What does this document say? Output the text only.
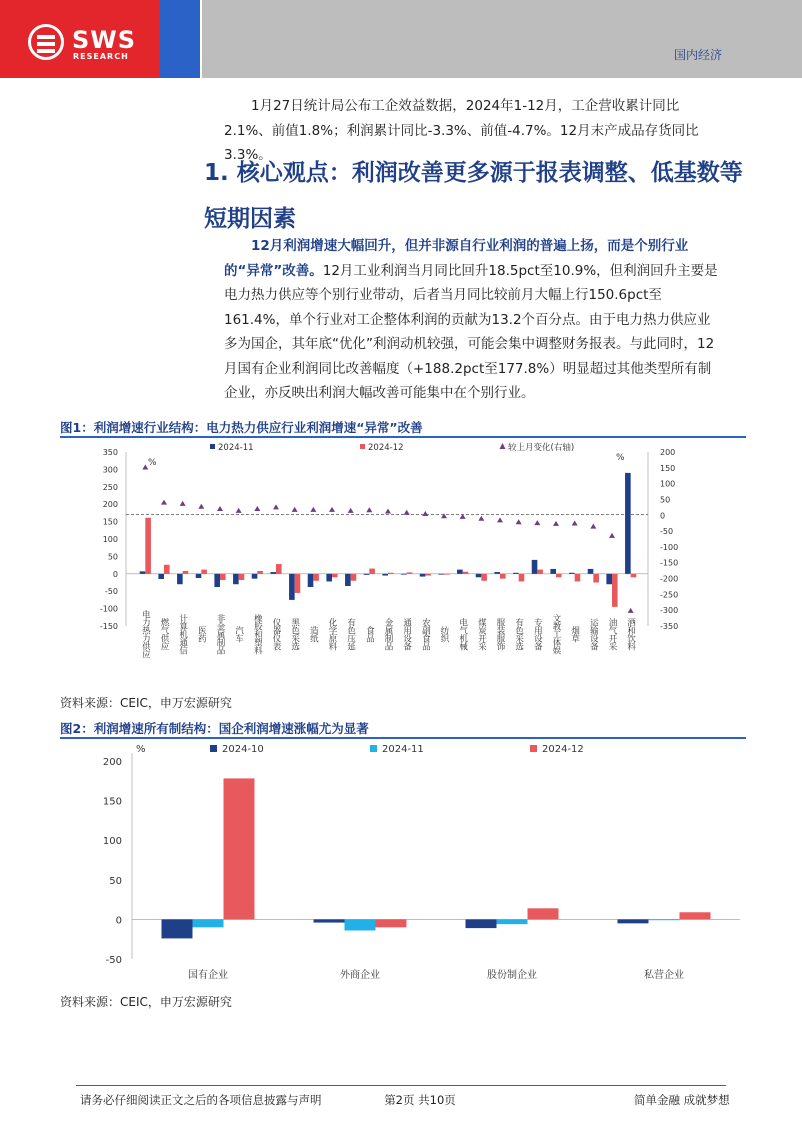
SWS
RESEARCH	国内经济
1月27日统计局公布工企效益数据，2024年1-12月，工企营收累计同比2.1%、前值1.8%；利润累计同比-3.3%、前值-4.7%。12月末产成品存货同比3.3%。
1. 核心观点：利润改善更多源于报表调整、低基数等短期因素
12月利润增速大幅回升，但并非源自行业利润的普遍上扬，而是个别行业的“异常”改善。12月工业利润当月同比回升18.5pct至10.9%，但利润回升主要是电力热力供应等个别行业带动，后者当月同比较前月大幅上行150.6pct至161.4%，单个行业对工企整体利润的贡献为13.2个百分点。由于电力热力供应业多为国企，其年底“优化”利润动机较强，可能会集中调整财务报表。与此同时，12月国有企业利润同比改善幅度（+188.2pct至177.8%）明显超过其他类型所有制企业，亦反映出利润大幅改善可能集中在个别行业。
图1：利润增速行业结构：电力热力供应行业利润增速“异常”改善
2024-11	2024-12	较上月变化(右轴)
%	%
350
300
250
200
150
100
50
0
-50
-100
-150
200
150
100
50
0
-50
-100
-150
-200
-250
-300
-350
电力热力供应 燃气供应 计算机通信 医药 非金属制品 汽车 橡胶和塑料 仪器仪表 黑色采选 造纸 化学原料 有色压延 食品 金属制品 通用设备 农副食品 纺织 电气机械 煤炭开采 服装服饰 有色采选 专用设备 文教工体娱 烟草 运输设备 油气开采 酒和饮料
资料来源：CEIC，申万宏源研究
图2：利润增速所有制结构：国企利润增速涨幅尤为显著
2024-10	2024-11	2024-12
%
200
150
100
50
0
-50
国有企业	外商企业	股份制企业	私营企业
资料来源：CEIC，申万宏源研究
请务必仔细阅读正文之后的各项信息披露与声明	第2页 共10页	简单金融 成就梦想
